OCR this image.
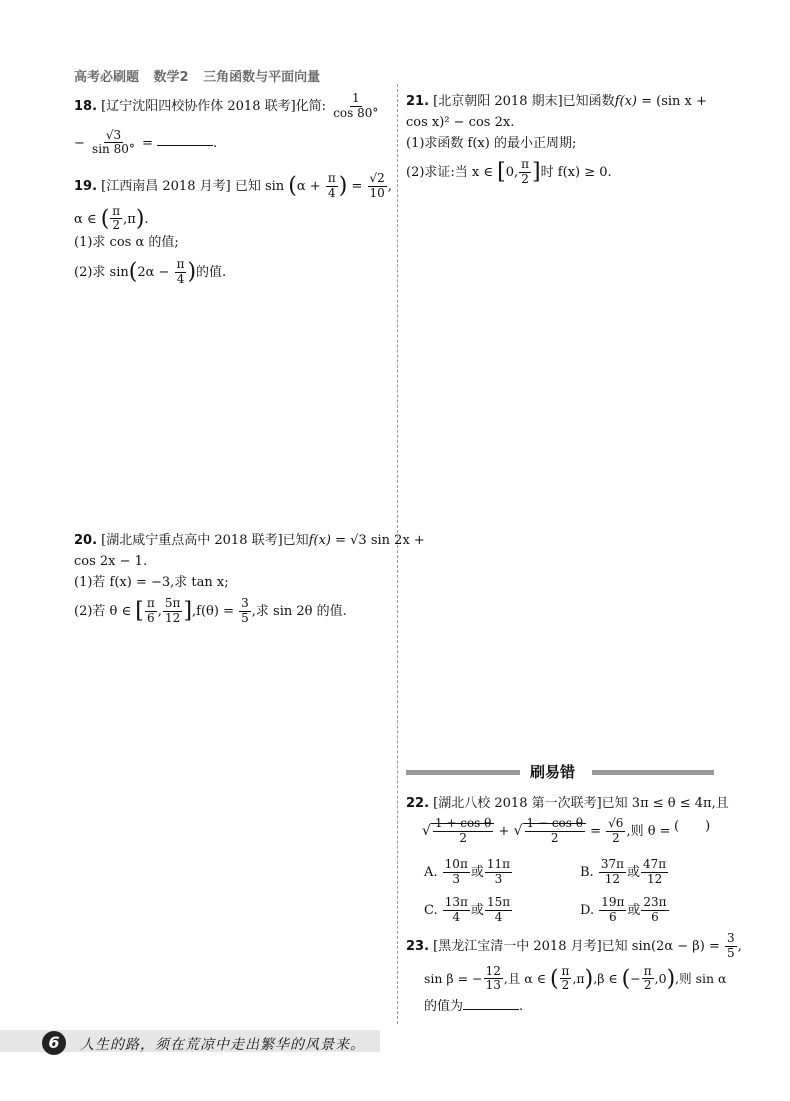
高考必刷题 数学2 三角函数与平面向量
18. [辽宁沈阳四校协作体 2018 联考]化简: $\frac{1}{\cos 80^\circ}$
− $\frac{√3}{\sin 80^\circ}$ =	.
19. [江西南昌 2018 月考] 已知 $\sin (\alpha + \frac{\pi}{4}$ ) = $\frac{√2}{10}$ ,
α ∈ ( $\frac{\pi}{2} ,\pi$).
(1)求 cos α 的值;
(2)求 $\sin(2\alpha - \frac{\pi}{4}$ )的值.
20. [湖北咸宁重点高中 2018 联考]已知f(x) = √3 sin 2x +
cos 2x − 1.
(1)若 f(x) = −3,求 tan x;
(2)若 θ ∈ [ $\frac{\pi}{6}$ , $\frac{5\pi}{12} ],f(\theta) = \frac{3}{5}$ ,求 sin 2θ 的值.
21. [北京朝阳 2018 期末]已知函数f(x) = (sin x +
cos x)² − cos 2x.
(1)求函数 f(x) 的最小正周期;
(2)求证:当 x ∈ [0, $\frac{\pi}{2}$ ]时 f(x) ≥ 0.
刷易错
22. [湖北八校 2018 第一次联考]已知 3π ≤ θ ≤ 4π,且
√ $\frac{\text{1 + cos θ}}{2}$ + √ $\frac{\text{1 − cos θ}}{2} = \frac{√6}{2}$ ,则 θ = (　　)
A. $\frac{10\pi}{3}$ 或 $\frac{11\pi}{3}$	B. $\frac{37\pi}{12}$ 或 $\frac{47\pi}{12}$
C. $\frac{13\pi}{4}$ 或 $\frac{15\pi}{4}$	D. $\frac{19\pi}{6}$ 或 $\frac{23\pi}{6}$
23. [黑龙江宝清一中 2018 月考]已知 $\sin(2\alpha - \beta) = \frac{3}{5}$ ,
sin β = − $\frac{12}{13}$ ,且 α ∈ ( $\frac{\pi}{2} ,\pi),\beta$ ∈ (− $\frac{\pi}{2} ,0$),则 sin α
的值为	.
6	人生的路，须在荒凉中走出繁华的风景来。
